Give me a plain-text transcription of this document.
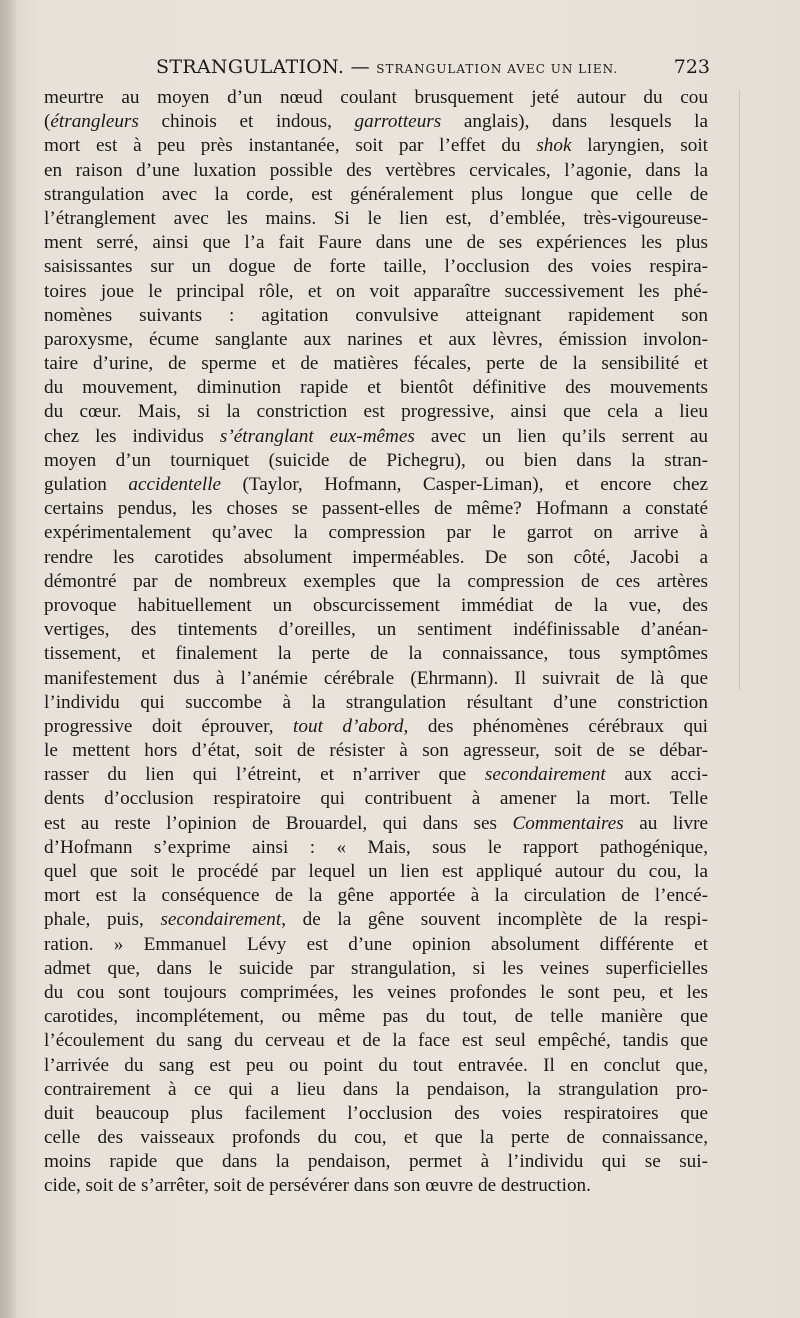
STRANGULATION. — STRANGULATION AVEC UN LIEN.	723
meurtre au moyen d’un nœud coulant brusquement jeté autour du cou
(étrangleurs chinois et indous, garrotteurs anglais), dans lesquels la
mort est à peu près instantanée, soit par l’effet du shok laryngien, soit
en raison d’une luxation possible des vertèbres cervicales, l’agonie, dans la
strangulation avec la corde, est généralement plus longue que celle de
l’étranglement avec les mains. Si le lien est, d’emblée, très-vigoureuse-
ment serré, ainsi que l’a fait Faure dans une de ses expériences les plus
saisissantes sur un dogue de forte taille, l’occlusion des voies respira-
toires joue le principal rôle, et on voit apparaître successivement les phé-
nomènes suivants : agitation convulsive atteignant rapidement son
paroxysme, écume sanglante aux narines et aux lèvres, émission involon-
taire d’urine, de sperme et de matières fécales, perte de la sensibilité et
du mouvement, diminution rapide et bientôt définitive des mouvements
du cœur. Mais, si la constriction est progressive, ainsi que cela a lieu
chez les individus s’étranglant eux-mêmes avec un lien qu’ils serrent au
moyen d’un tourniquet (suicide de Pichegru), ou bien dans la stran-
gulation accidentelle (Taylor, Hofmann, Casper-Liman), et encore chez
certains pendus, les choses se passent-elles de même? Hofmann a constaté
expérimentalement qu’avec la compression par le garrot on arrive à
rendre les carotides absolument imperméables. De son côté, Jacobi a
démontré par de nombreux exemples que la compression de ces artères
provoque habituellement un obscurcissement immédiat de la vue, des
vertiges, des tintements d’oreilles, un sentiment indéfinissable d’anéan-
tissement, et finalement la perte de la connaissance, tous symptômes
manifestement dus à l’anémie cérébrale (Ehrmann). Il suivrait de là que
l’individu qui succombe à la strangulation résultant d’une constriction
progressive doit éprouver, tout d’abord, des phénomènes cérébraux qui
le mettent hors d’état, soit de résister à son agresseur, soit de se débar-
rasser du lien qui l’étreint, et n’arriver que secondairement aux acci-
dents d’occlusion respiratoire qui contribuent à amener la mort. Telle
est au reste l’opinion de Brouardel, qui dans ses Commentaires au livre
d’Hofmann s’exprime ainsi : « Mais, sous le rapport pathogénique,
quel que soit le procédé par lequel un lien est appliqué autour du cou, la
mort est la conséquence de la gêne apportée à la circulation de l’encé-
phale, puis, secondairement, de la gêne souvent incomplète de la respi-
ration. » Emmanuel Lévy est d’une opinion absolument différente et
admet que, dans le suicide par strangulation, si les veines superficielles
du cou sont toujours comprimées, les veines profondes le sont peu, et les
carotides, incomplétement, ou même pas du tout, de telle manière que
l’écoulement du sang du cerveau et de la face est seul empêché, tandis que
l’arrivée du sang est peu ou point du tout entravée. Il en conclut que,
contrairement à ce qui a lieu dans la pendaison, la strangulation pro-
duit beaucoup plus facilement l’occlusion des voies respiratoires que
celle des vaisseaux profonds du cou, et que la perte de connaissance,
moins rapide que dans la pendaison, permet à l’individu qui se sui-
cide, soit de s’arrêter, soit de persévérer dans son œuvre de destruction.
